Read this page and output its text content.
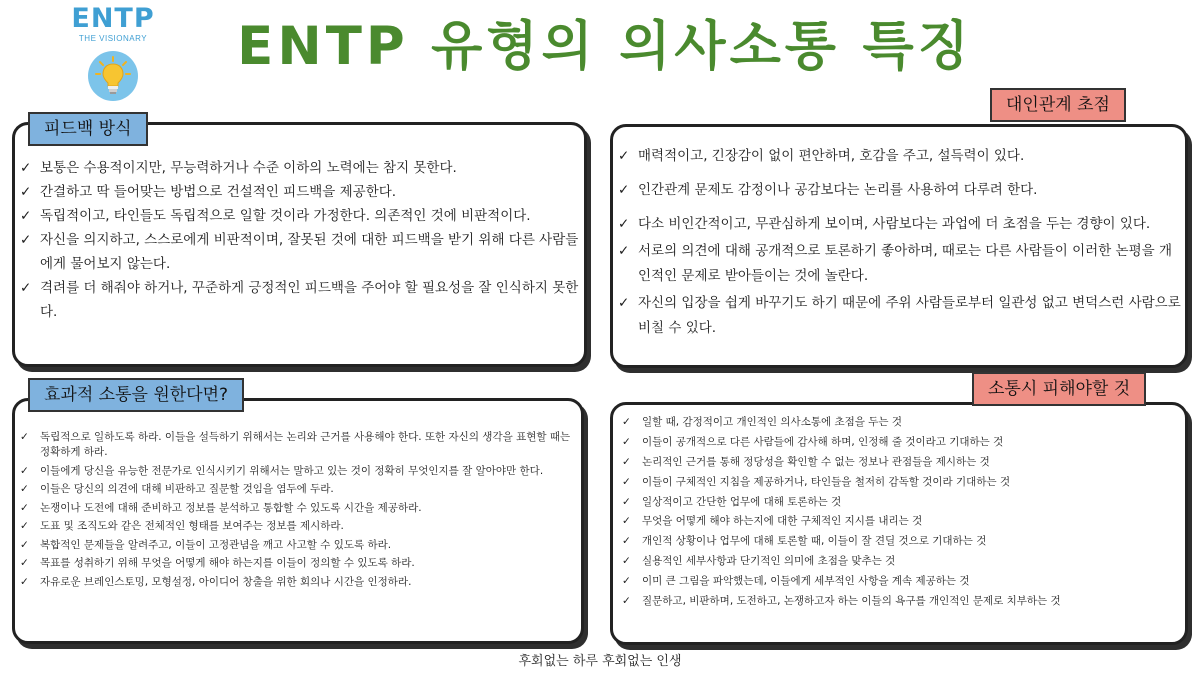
ENTP
THE VISIONARY	ENTP 유형의 의사소통 특징
피드백 방식
✓ 보통은 수용적이지만, 무능력하거나 수준 이하의 노력에는 참지 못한다.
✓ 간결하고 딱 들어맞는 방법으로 건설적인 피드백을 제공한다.
✓ 독립적이고, 타인들도 독립적으로 일할 것이라 가정한다. 의존적인 것에 비판적이다.
✓ 자신을 의지하고, 스스로에게 비판적이며, 잘못된 것에 대한 피드백을 받기 위해 다른 사람들에게 물어보지 않는다.
✓ 격려를 더 해줘야 하거나, 꾸준하게 긍정적인 피드백을 주어야 할 필요성을 잘 인식하지 못한다.
대인관계 초점
✓ 매력적이고, 긴장감이 없이 편안하며, 호감을 주고, 설득력이 있다.
✓ 인간관계 문제도 감정이나 공감보다는 논리를 사용하여 다루려 한다.
✓ 다소 비인간적이고, 무관심하게 보이며, 사람보다는 과업에 더 초점을 두는 경향이 있다.
✓ 서로의 의견에 대해 공개적으로 토론하기 좋아하며, 때로는 다른 사람들이 이러한 논평을 개인적인 문제로 받아들이는 것에 놀란다.
✓ 자신의 입장을 쉽게 바꾸기도 하기 때문에 주위 사람들로부터 일관성 없고 변덕스런 사람으로 비칠 수 있다.
효과적 소통을 원한다면?
✓ 독립적으로 일하도록 하라. 이들을 설득하기 위해서는 논리와 근거를 사용해야 한다. 또한 자신의 생각을 표현할 때는 정확하게 하라.
✓ 이들에게 당신을 유능한 전문가로 인식시키기 위해서는 말하고 있는 것이 정확히 무엇인지를 잘 알아야만 한다.
✓ 이들은 당신의 의견에 대해 비판하고 질문할 것임을 염두에 두라.
✓ 논쟁이나 도전에 대해 준비하고 정보를 분석하고 통합할 수 있도록 시간을 제공하라.
✓ 도표 및 조직도와 같은 전체적인 형태를 보여주는 정보를 제시하라.
✓ 복합적인 문제들을 알려주고, 이들이 고정관념을 깨고 사고할 수 있도록 하라.
✓ 목표를 성취하기 위해 무엇을 어떻게 해야 하는지를 이들이 정의할 수 있도록 하라.
✓ 자유로운 브레인스토밍, 모형설정, 아이디어 창출을 위한 회의나 시간을 인정하라.
소통시 피해야할 것
✓ 일할 때, 감정적이고 개인적인 의사소통에 초점을 두는 것
✓ 이들이 공개적으로 다른 사람들에 감사해 하며, 인정해 줄 것이라고 기대하는 것
✓ 논리적인 근거를 통해 정당성을 확인할 수 없는 정보나 관점들을 제시하는 것
✓ 이들이 구체적인 지침을 제공하거나, 타인들을 철저히 감독할 것이라 기대하는 것
✓ 일상적이고 간단한 업무에 대해 토론하는 것
✓ 무엇을 어떻게 해야 하는지에 대한 구체적인 지시를 내리는 것
✓ 개인적 상황이나 업무에 대해 토론할 때, 이들이 잘 견딜 것으로 기대하는 것
✓ 실용적인 세부사항과 단기적인 의미에 초점을 맞추는 것
✓ 이미 큰 그림을 파악했는데, 이들에게 세부적인 사항을 계속 제공하는 것
✓ 질문하고, 비판하며, 도전하고, 논쟁하고자 하는 이들의 욕구를 개인적인 문제로 치부하는 것
후회없는 하루 후회없는 인생
